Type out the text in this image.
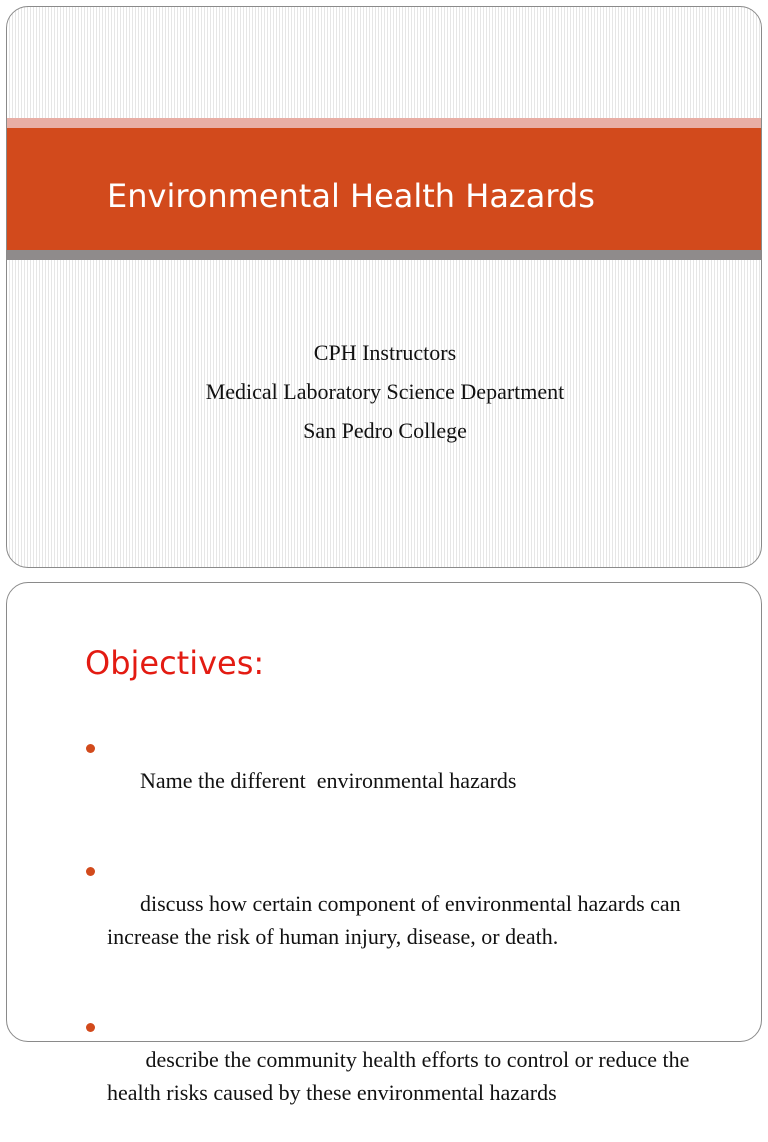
Environmental Health Hazards
CPH Instructors
Medical Laboratory Science Department
San Pedro College
Objectives:

Name the different  environmental hazards

discuss how certain component of environmental hazards can increase the risk of human injury, disease, or death.

describe the community health efforts to control or reduce the health risks caused by these environmental hazards
